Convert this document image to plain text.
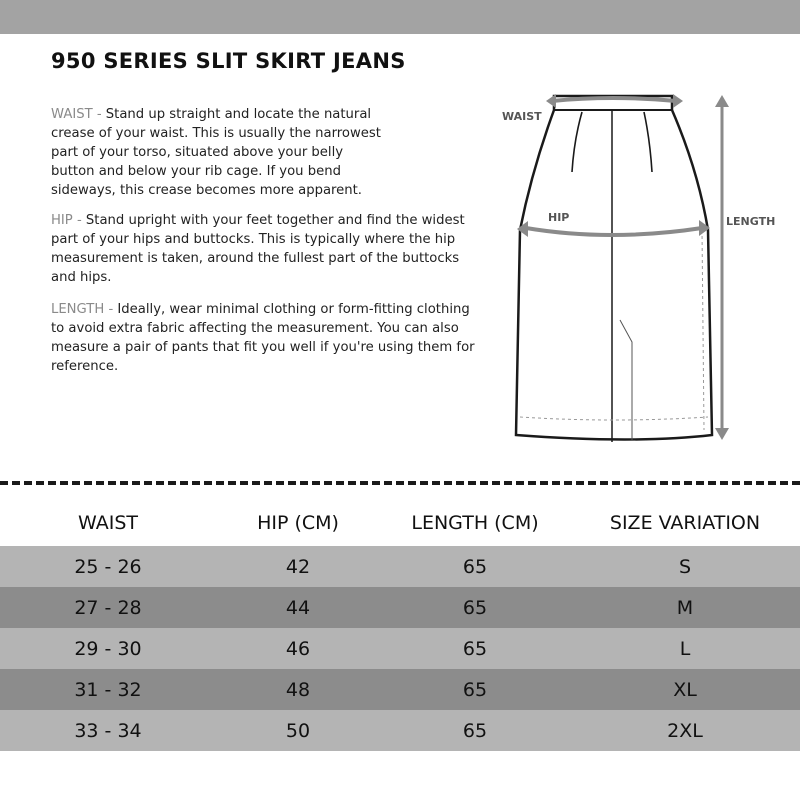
950 SERIES SLIT SKIRT JEANS

WAIST - Stand up straight and locate the natural crease of your waist. This is usually the narrowest part of your torso, situated above your belly button and below your rib cage. If you bend sideways, this crease becomes more apparent.

HIP - Stand upright with your feet together and find the widest part of your hips and buttocks. This is typically where the hip measurement is taken, around the fullest part of the buttocks and hips.

LENGTH - Ideally, wear minimal clothing or form-fitting clothing to avoid extra fabric affecting the measurement. You can also measure a pair of pants that fit you well if you're using them for reference.

WAIST
HIP	LENGTH
WAIST	HIP (CM)	LENGTH (CM)	SIZE VARIATION
25 - 26	42	65	S
27 - 28	44	65	M
29 - 30	46	65	L
31 - 32	48	65	XL
33 - 34	50	65	2XL
